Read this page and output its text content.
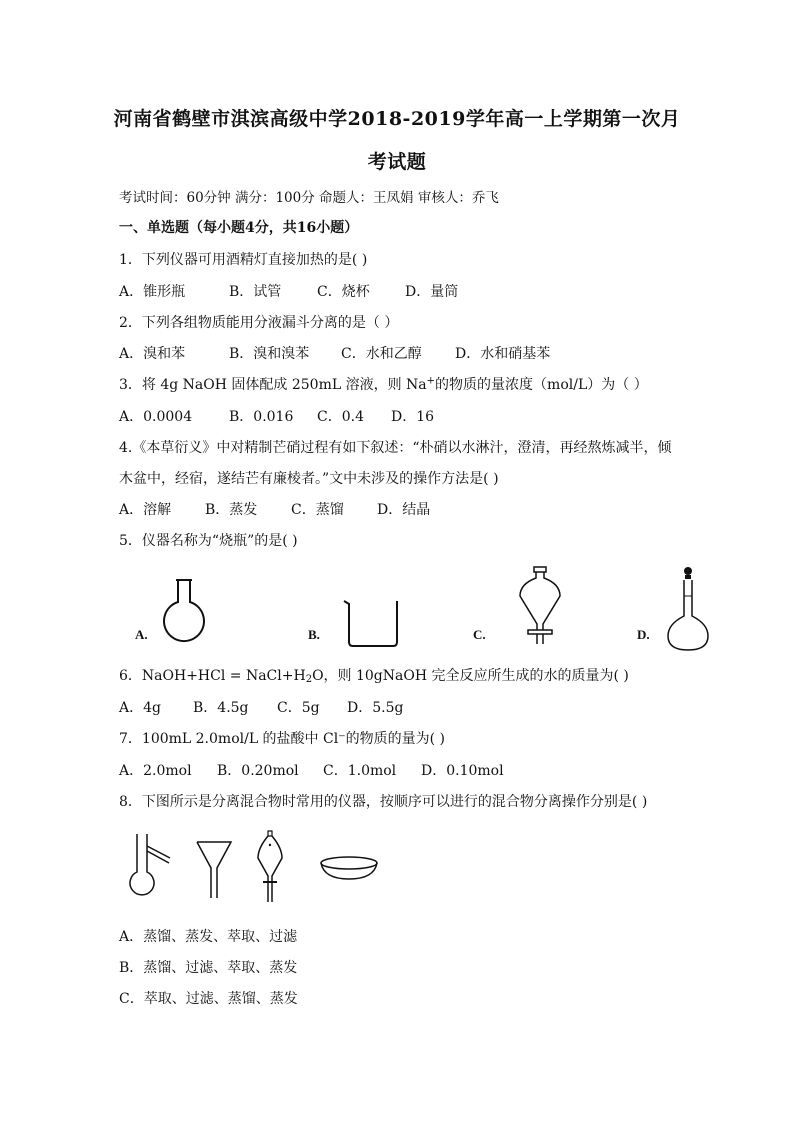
河南省鹤壁市淇滨高级中学2018-2019学年高一上学期第一次月
考试题
考试时间：60分钟 满分：100分 命题人：王凤娟 审核人：乔飞
一、单选题（每小题4分，共16小题）
1．下列仪器可用酒精灯直接加热的是( )
A．锥形瓶	B．试管	C．烧杯	D．量筒
2．下列各组物质能用分液漏斗分离的是（ ）
A．溴和苯	B．溴和溴苯 C．水和乙醇 D．水和硝基苯
3．将 4g NaOH 固体配成 250mL 溶液，则 Na+的物质的量浓度（mol/L）为（ ）
A．0.0004	B．0.016 C．0.4 D．16
4.《本草衍义》中对精制芒硝过程有如下叙述：“朴硝以水淋汁，澄清，再经熬炼减半，倾
木盆中，经宿，遂结芒有廉棱者。”文中未涉及的操作方法是( )
A．溶解 B．蒸发 C．蒸馏 D．结晶
5．仪器名称为“烧瓶”的是( )
A.	B.	C.	D.
6．NaOH+HCl = $NaCl+H_2O$，则 10gNaOH 完全反应所生成的水的质量为( )
A．4g B．4.5g C．5g D．5.5g
7．100mL 2.0mol/L 的盐酸中 Cl⁻的物质的量为( )
A．2.0mol B．0.20mol C．1.0mol D．0.10mol
8．下图所示是分离混合物时常用的仪器，按顺序可以进行的混合物分离操作分别是( )
A．蒸馏、蒸发、萃取、过滤
B．蒸馏、过滤、萃取、蒸发
C．萃取、过滤、蒸馏、蒸发
